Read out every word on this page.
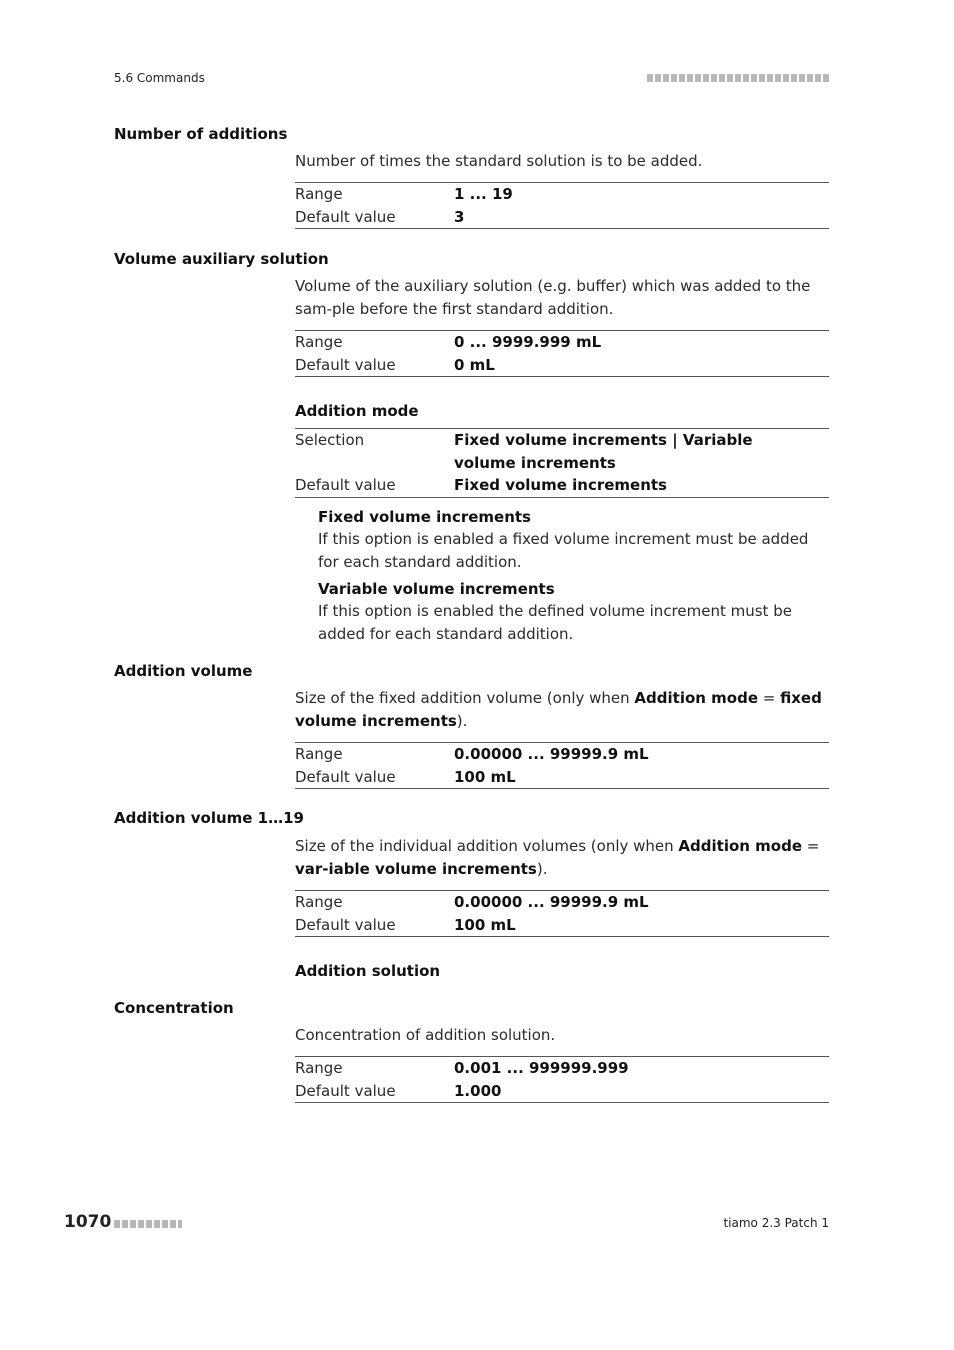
5.6 Commands
Number of additions
Number of times the standard solution is to be added.
Range	1 ... 19
Default value	3
Volume auxiliary solution
Volume of the auxiliary solution (e.g. buffer) which was added to the sam-ple before the first standard addition.
Range	0 ... 9999.999 mL
Default value	0 mL
Addition mode
Selection	Fixed volume increments | Variable volume increments
Default value	Fixed volume increments
Fixed volume increments
If this option is enabled a fixed volume increment must be added for each standard addition.
Variable volume increments
If this option is enabled the defined volume increment must be added for each standard addition.
Addition volume
Size of the fixed addition volume (only when Addition mode = fixed volume increments).
Range	0.00000 ... 99999.9 mL
Default value	100 mL
Addition volume 1…19
Size of the individual addition volumes (only when Addition mode = var-iable volume increments).
Range	0.00000 ... 99999.9 mL
Default value	100 mL
Addition solution
Concentration
Concentration of addition solution.
Range	0.001 ... 999999.999
Default value	1.000
1070	tiamo 2.3 Patch 1
